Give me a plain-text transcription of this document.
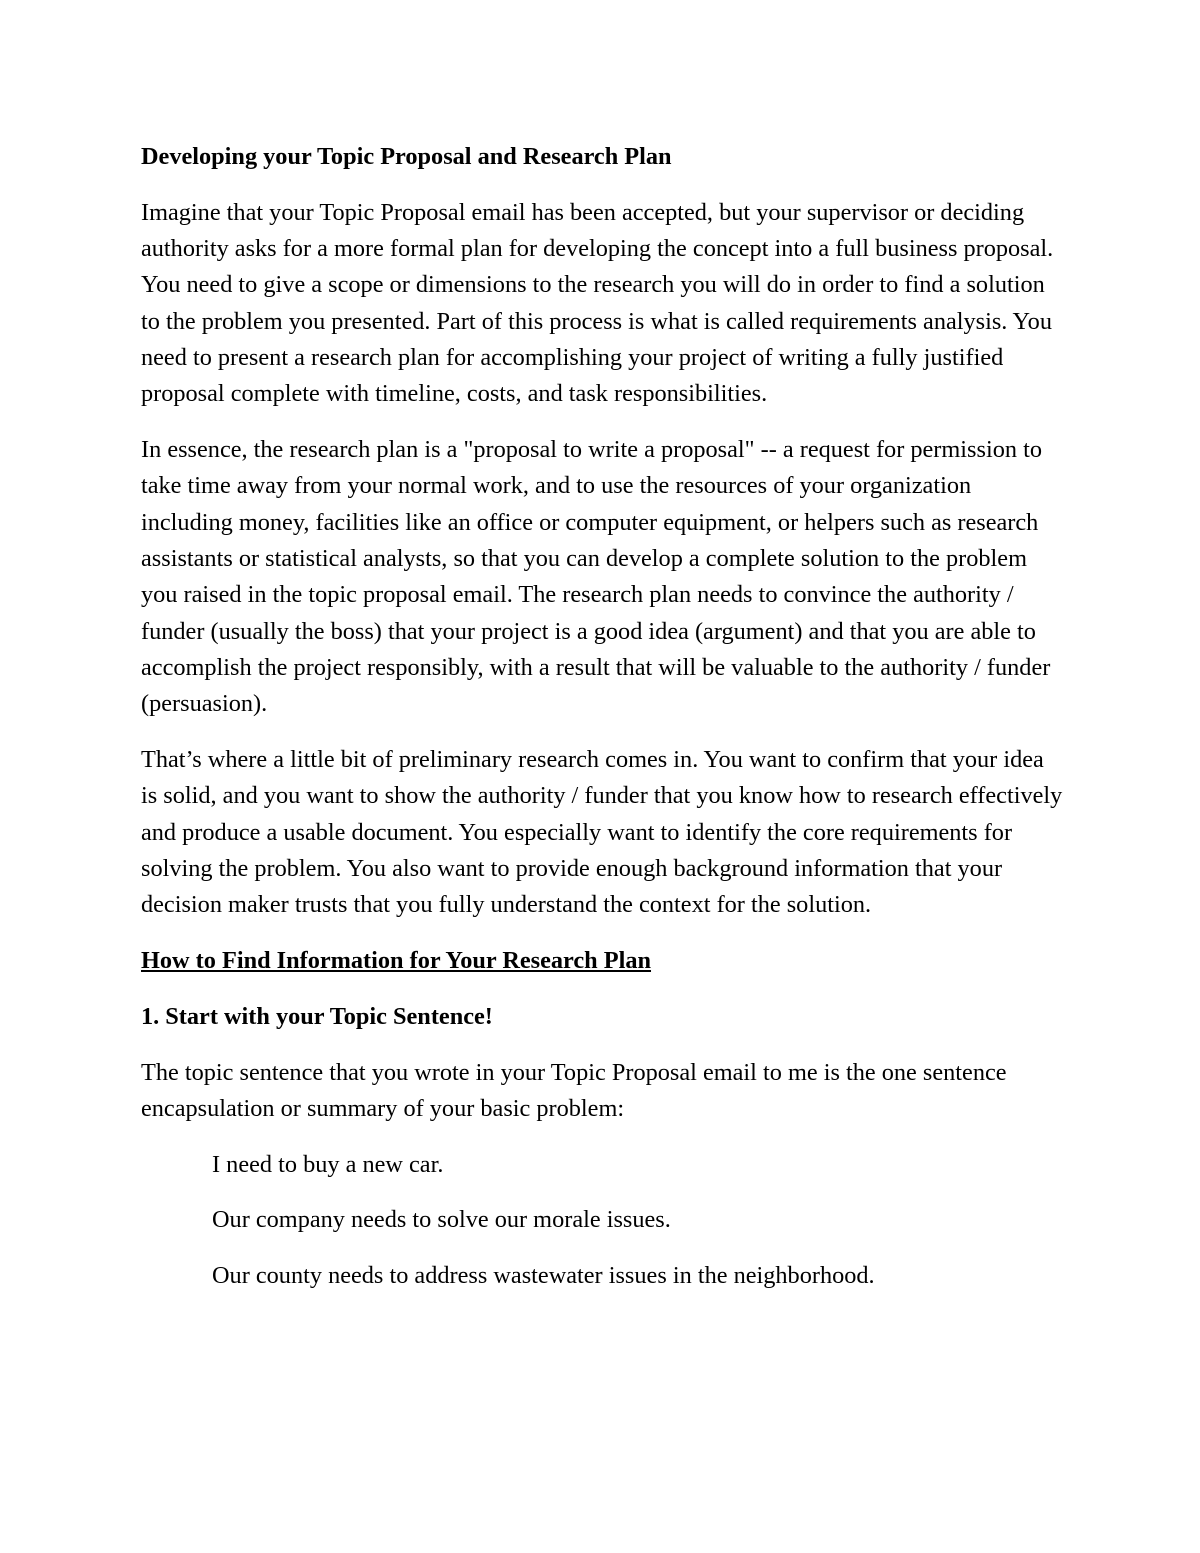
Developing your Topic Proposal and Research Plan

Imagine that your Topic Proposal email has been accepted, but your supervisor or deciding authority asks for a more formal plan for developing the concept into a full business proposal. You need to give a scope or dimensions to the research you will do in order to find a solution to the problem you presented. Part of this process is what is called requirements analysis. You need to present a research plan for accomplishing your project of writing a fully justified proposal complete with timeline, costs, and task responsibilities.

In essence, the research plan is a "proposal to write a proposal" -- a request for permission to take time away from your normal work, and to use the resources of your organization including money, facilities like an office or computer equipment, or helpers such as research assistants or statistical analysts, so that you can develop a complete solution to the problem you raised in the topic proposal email. The research plan needs to convince the authority / funder (usually the boss) that your project is a good idea (argument) and that you are able to accomplish the project responsibly, with a result that will be valuable to the authority / funder (persuasion).

That’s where a little bit of preliminary research comes in. You want to confirm that your idea is solid, and you want to show the authority / funder that you know how to research effectively and produce a usable document. You especially want to identify the core requirements for solving the problem. You also want to provide enough background information that your decision maker trusts that you fully understand the context for the solution.

How to Find Information for Your Research Plan

1. Start with your Topic Sentence!

The topic sentence that you wrote in your Topic Proposal email to me is the one sentence encapsulation or summary of your basic problem:

I need to buy a new car.

Our company needs to solve our morale issues.

Our county needs to address wastewater issues in the neighborhood.
